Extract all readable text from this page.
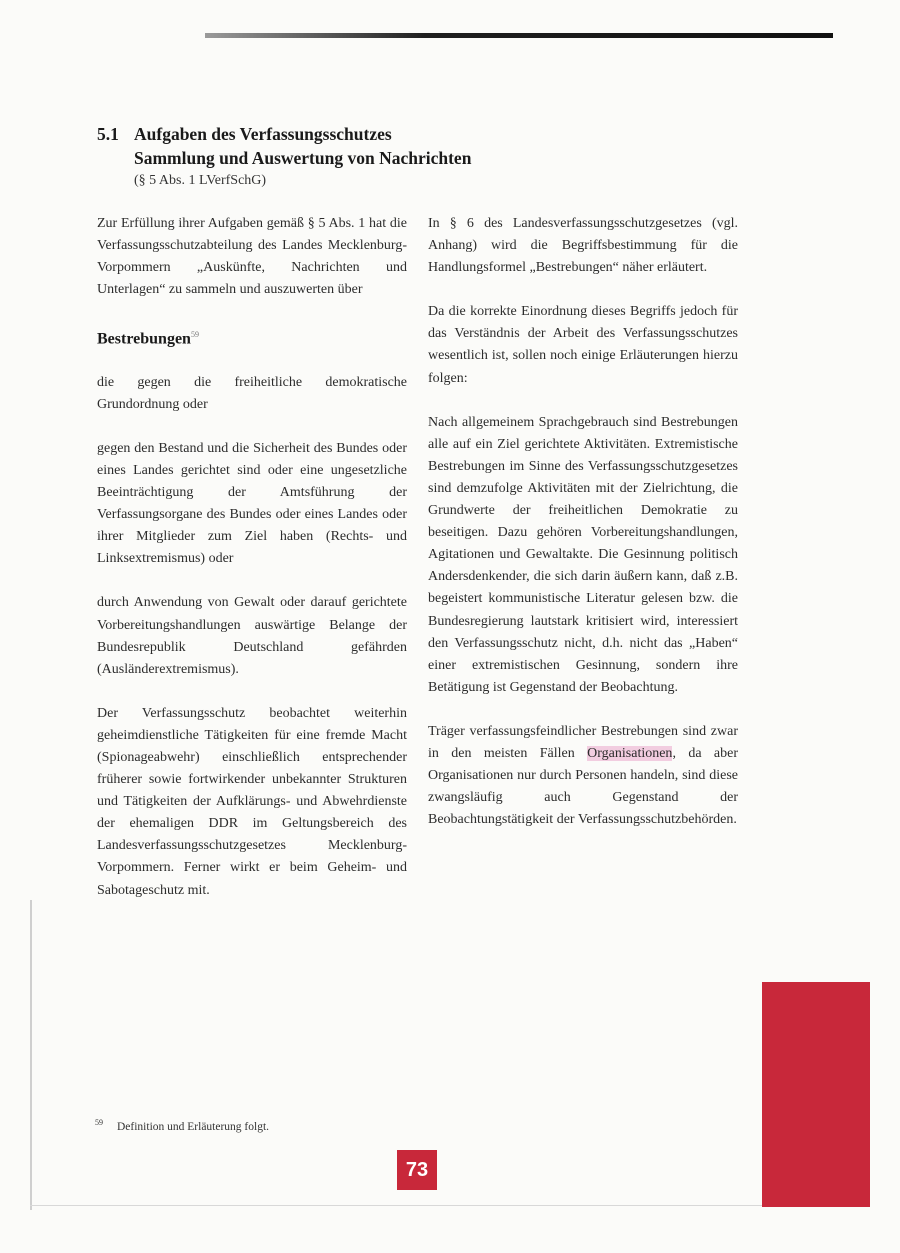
5.1 Aufgaben des Verfassungsschutzes
Sammlung und Auswertung von Nachrichten
(§ 5 Abs. 1 LVerfSchG)

Zur Erfüllung ihrer Aufgaben gemäß § 5 Abs. 1 hat die Verfassungsschutzabteilung des Landes Mecklenburg-Vorpommern „Auskünfte, Nachrichten und Unterlagen“ zu sammeln und auszuwerten über

Bestrebungen$^{59}$

die gegen die freiheitliche demokratische Grundordnung oder

gegen den Bestand und die Sicherheit des Bundes oder eines Landes gerichtet sind oder eine ungesetzliche Beeinträchtigung der Amtsführung der Verfassungsorgane des Bundes oder eines Landes oder ihrer Mitglieder zum Ziel haben (Rechts- und Linksextremismus) oder

durch Anwendung von Gewalt oder darauf gerichtete Vorbereitungshandlungen auswärtige Belange der Bundesrepublik Deutschland gefährden (Ausländerextremismus).

Der Verfassungsschutz beobachtet weiterhin geheimdienstliche Tätigkeiten für eine fremde Macht (Spionageabwehr) einschließlich entsprechender früherer sowie fortwirkender unbekannter Strukturen und Tätigkeiten der Aufklärungs- und Abwehrdienste der ehemaligen DDR im Geltungsbereich des Landesverfassungsschutzgesetzes Mecklenburg-Vorpommern. Ferner wirkt er beim Geheim- und Sabotageschutz mit.

In § 6 des Landesverfassungsschutzgesetzes (vgl. Anhang) wird die Begriffsbestimmung für die Handlungsformel „Bestrebungen“ näher erläutert.

Da die korrekte Einordnung dieses Begriffs jedoch für das Verständnis der Arbeit des Verfassungsschutzes wesentlich ist, sollen noch einige Erläuterungen hierzu folgen:

Nach allgemeinem Sprachgebrauch sind Bestrebungen alle auf ein Ziel gerichtete Aktivitäten. Extremistische Bestrebungen im Sinne des Verfassungsschutzgesetzes sind demzufolge Aktivitäten mit der Zielrichtung, die Grundwerte der freiheitlichen Demokratie zu beseitigen. Dazu gehören Vorbereitungshandlungen, Agitationen und Gewaltakte. Die Gesinnung politisch Andersdenkender, die sich darin äußern kann, daß z.B. begeistert kommunistische Literatur gelesen bzw. die Bundesregierung lautstark kritisiert wird, interessiert den Verfassungsschutz nicht, d.h. nicht das „Haben“ einer extremistischen Gesinnung, sondern ihre Betätigung ist Gegenstand der Beobachtung.

Träger verfassungsfeindlicher Bestrebungen sind zwar in den meisten Fällen Organisationen, da aber Organisationen nur durch Personen handeln, sind diese zwangsläufig auch Gegenstand der Beobachtungstätigkeit der Verfassungsschutzbehörden.

$^{59}$ Definition und Erläuterung folgt.
73
